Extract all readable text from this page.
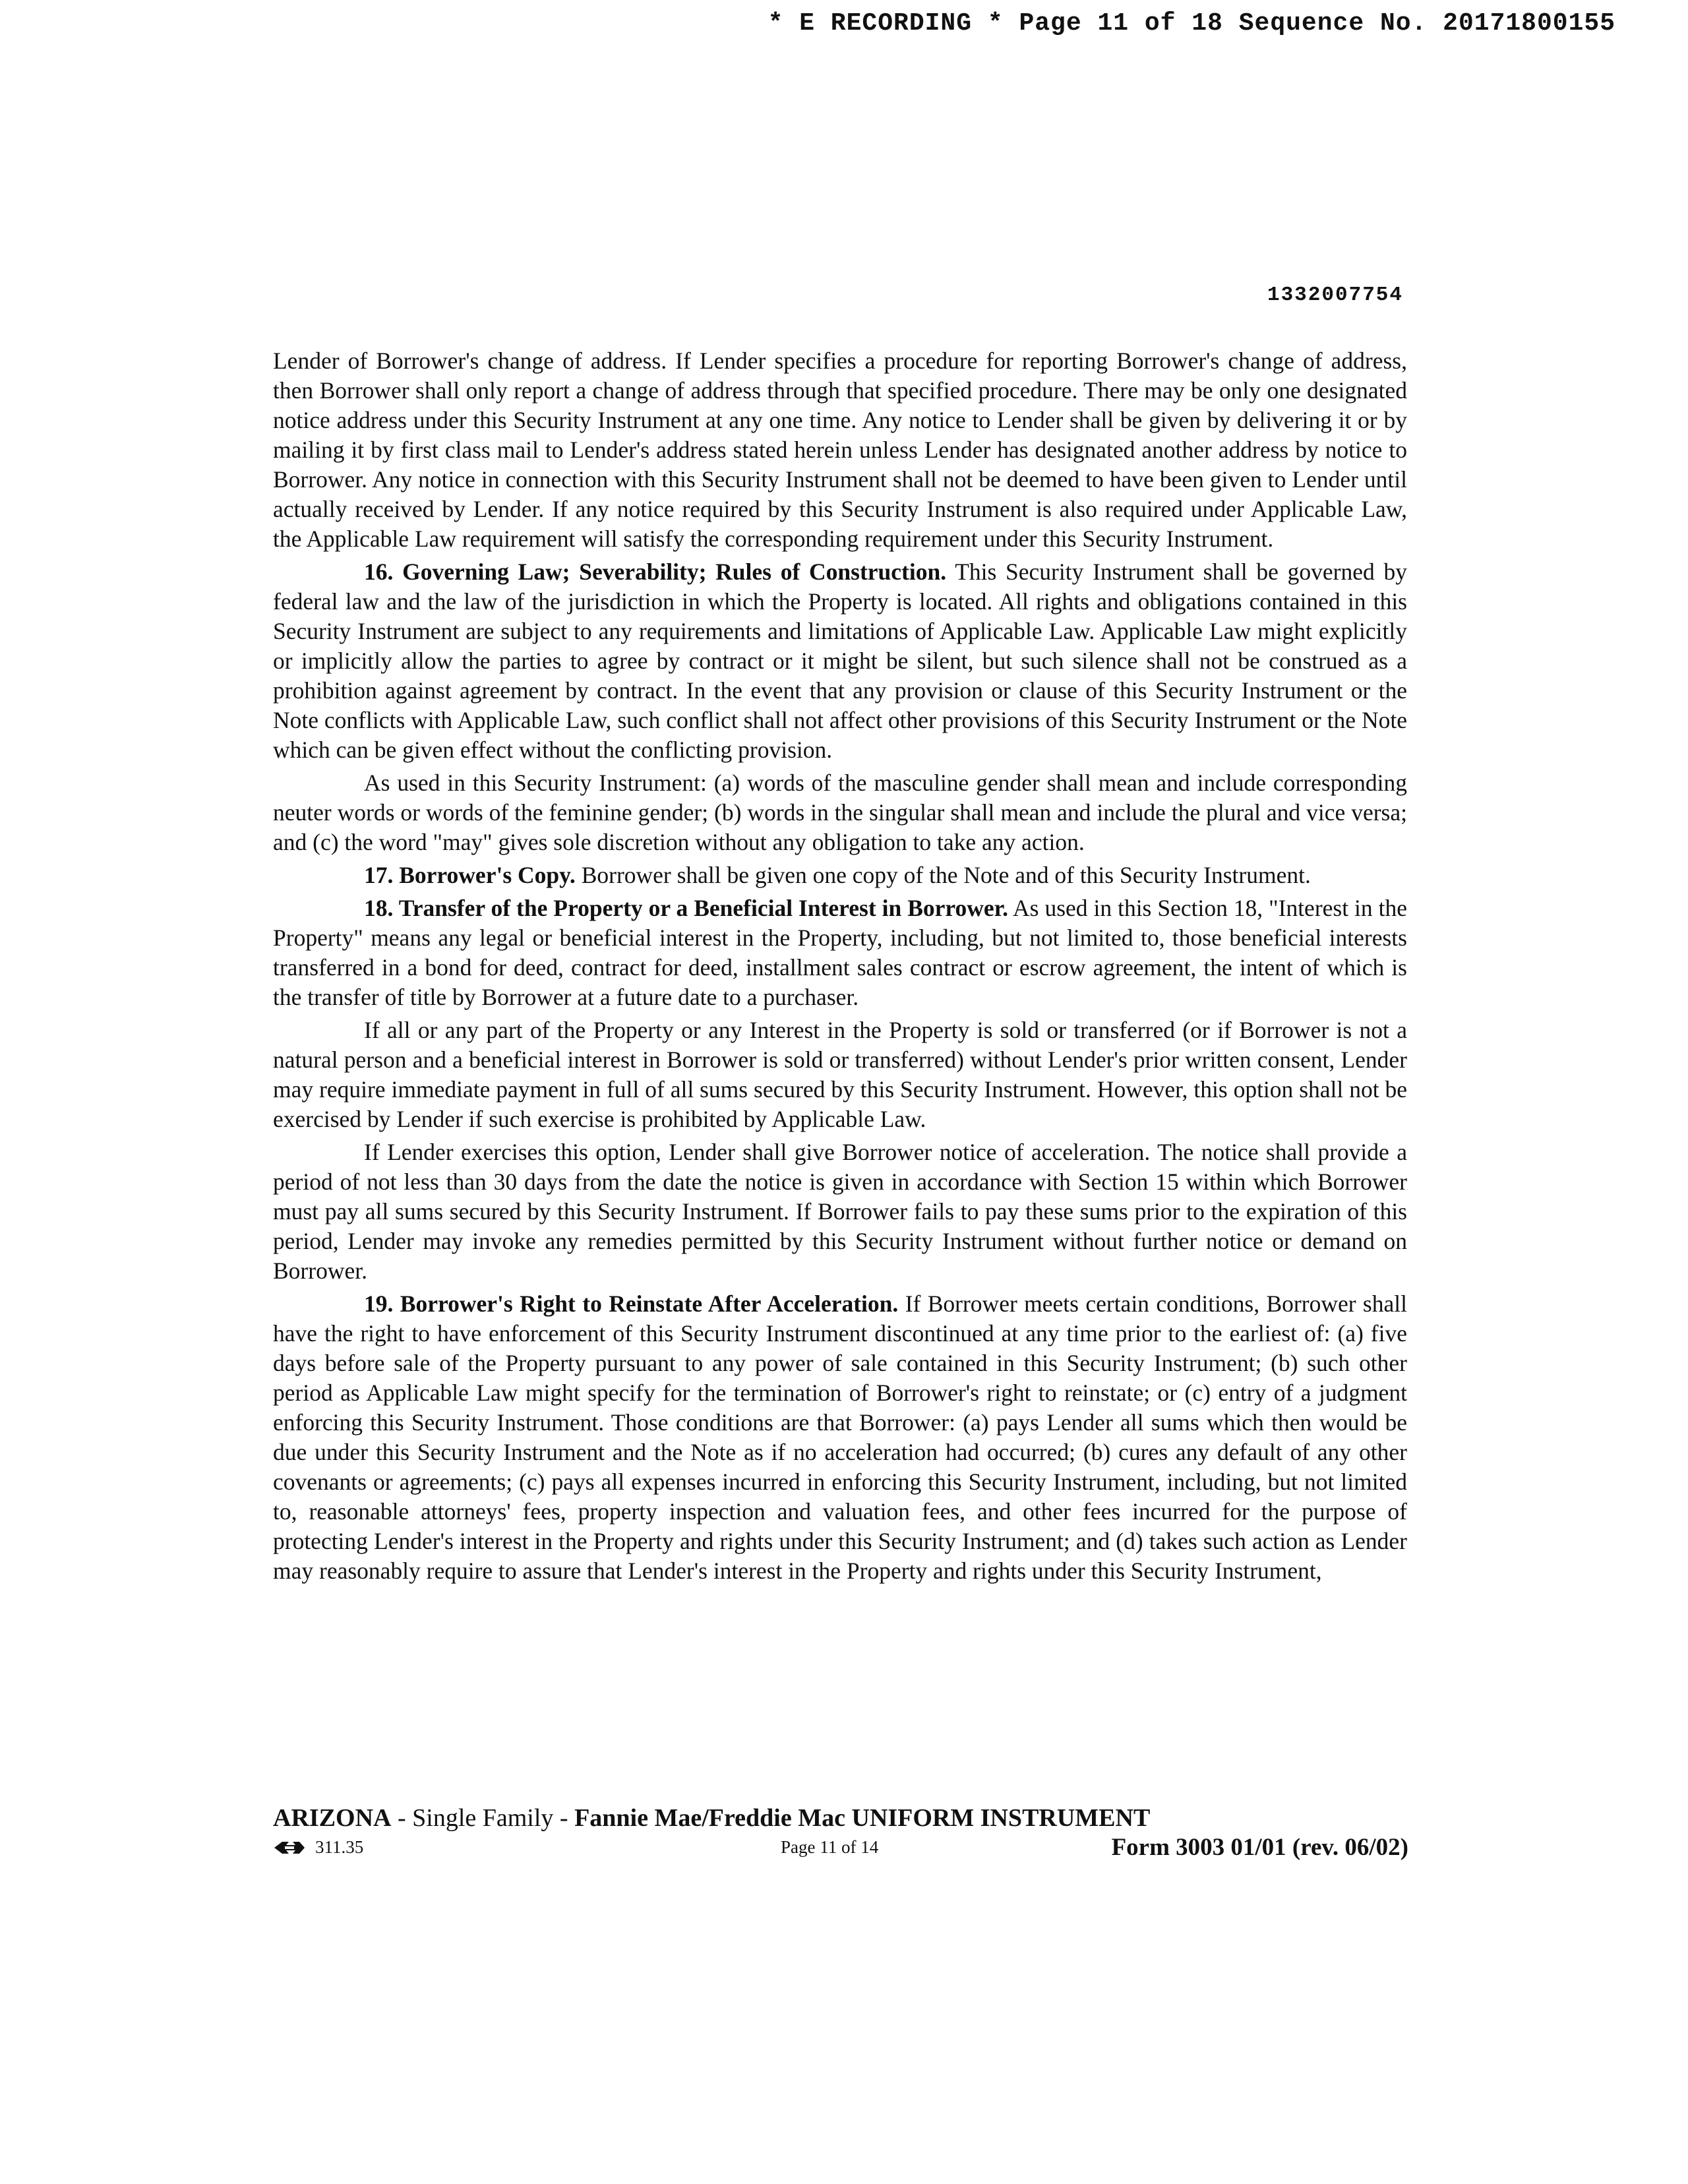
* E RECORDING * Page 11 of 18 Sequence No. 20171800155
1332007754

Lender of Borrower's change of address. If Lender specifies a procedure for reporting Borrower's change of address, then Borrower shall only report a change of address through that specified procedure. There may be only one designated notice address under this Security Instrument at any one time. Any notice to Lender shall be given by delivering it or by mailing it by first class mail to Lender's address stated herein unless Lender has designated another address by notice to Borrower. Any notice in connection with this Security Instrument shall not be deemed to have been given to Lender until actually received by Lender. If any notice required by this Security Instrument is also required under Applicable Law, the Applicable Law requirement will satisfy the corresponding requirement under this Security Instrument.

16. Governing Law; Severability; Rules of Construction. This Security Instrument shall be governed by federal law and the law of the jurisdiction in which the Property is located. All rights and obligations contained in this Security Instrument are subject to any requirements and limitations of Applicable Law. Applicable Law might explicitly or implicitly allow the parties to agree by contract or it might be silent, but such silence shall not be construed as a prohibition against agreement by contract. In the event that any provision or clause of this Security Instrument or the Note conflicts with Applicable Law, such conflict shall not affect other provisions of this Security Instrument or the Note which can be given effect without the conflicting provision.

As used in this Security Instrument: (a) words of the masculine gender shall mean and include corresponding neuter words or words of the feminine gender; (b) words in the singular shall mean and include the plural and vice versa; and (c) the word "may" gives sole discretion without any obligation to take any action.

17. Borrower's Copy. Borrower shall be given one copy of the Note and of this Security Instrument.

18. Transfer of the Property or a Beneficial Interest in Borrower. As used in this Section 18, "Interest in the Property" means any legal or beneficial interest in the Property, including, but not limited to, those beneficial interests transferred in a bond for deed, contract for deed, installment sales contract or escrow agreement, the intent of which is the transfer of title by Borrower at a future date to a purchaser.

If all or any part of the Property or any Interest in the Property is sold or transferred (or if Borrower is not a natural person and a beneficial interest in Borrower is sold or transferred) without Lender's prior written consent, Lender may require immediate payment in full of all sums secured by this Security Instrument. However, this option shall not be exercised by Lender if such exercise is prohibited by Applicable Law.

If Lender exercises this option, Lender shall give Borrower notice of acceleration. The notice shall provide a period of not less than 30 days from the date the notice is given in accordance with Section 15 within which Borrower must pay all sums secured by this Security Instrument. If Borrower fails to pay these sums prior to the expiration of this period, Lender may invoke any remedies permitted by this Security Instrument without further notice or demand on Borrower.

19. Borrower's Right to Reinstate After Acceleration. If Borrower meets certain conditions, Borrower shall have the right to have enforcement of this Security Instrument discontinued at any time prior to the earliest of: (a) five days before sale of the Property pursuant to any power of sale contained in this Security Instrument; (b) such other period as Applicable Law might specify for the termination of Borrower's right to reinstate; or (c) entry of a judgment enforcing this Security Instrument. Those conditions are that Borrower: (a) pays Lender all sums which then would be due under this Security Instrument and the Note as if no acceleration had occurred; (b) cures any default of any other covenants or agreements; (c) pays all expenses incurred in enforcing this Security Instrument, including, but not limited to, reasonable attorneys' fees, property inspection and valuation fees, and other fees incurred for the purpose of protecting Lender's interest in the Property and rights under this Security Instrument; and (d) takes such action as Lender may reasonably require to assure that Lender's interest in the Property and rights under this Security Instrument,

ARIZONA - Single Family - Fannie Mae/Freddie Mac UNIFORM INSTRUMENT
311.35	Page 11 of 14	Form 3003 01/01 (rev. 06/02)
